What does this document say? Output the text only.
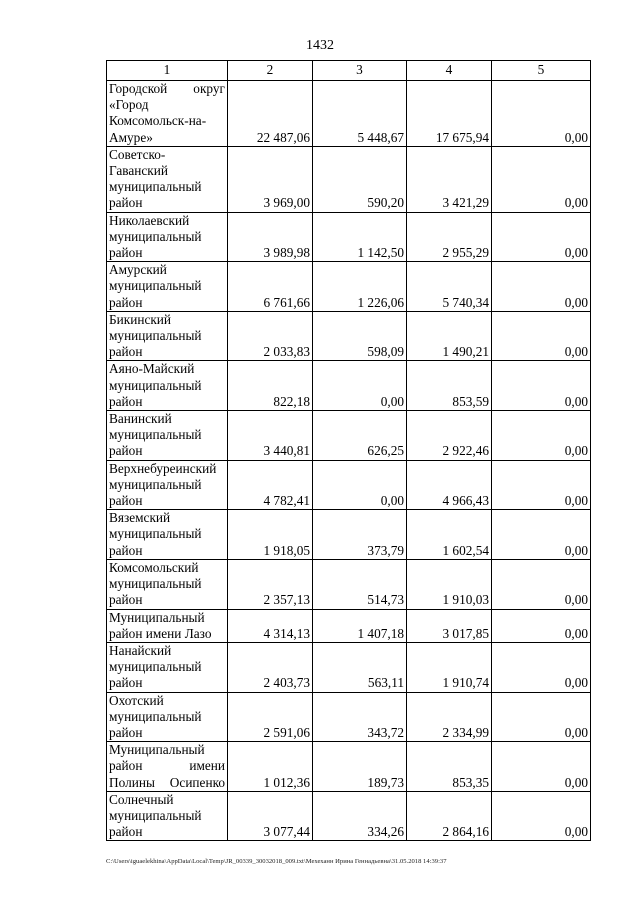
1432
1	2	3	4	5

Городской округ
«Город
Комсомольск-на-
Амуре»	22 487,06	5 448,67	17 675,94	0,00

Советско-
Гаванский
муниципальный
район	3 969,00	590,20	3 421,29	0,00

Николаевский
муниципальный
район	3 989,98	1 142,50	2 955,29	0,00

Амурский
муниципальный
район	6 761,66	1 226,06	5 740,34	0,00

Бикинский
муниципальный
район	2 033,83	598,09	1 490,21	0,00

Аяно-Майский
муниципальный
район	822,18	0,00	853,59	0,00

Ванинский
муниципальный
район	3 440,81	626,25	2 922,46	0,00

Верхнебуреинский
муниципальный
район	4 782,41	0,00	4 966,43	0,00

Вяземский
муниципальный
район	1 918,05	373,79	1 602,54	0,00

Комсомольский
муниципальный
район	2 357,13	514,73	1 910,03	0,00

Муниципальный
район имени Лазо	4 314,13	1 407,18	3 017,85	0,00

Нанайский
муниципальный
район	2 403,73	563,11	1 910,74	0,00

Охотский
муниципальный
район	2 591,06	343,72	2 334,99	0,00

Муниципальный
район имени
Полины Осипенко	1 012,36	189,73	853,35	0,00

Солнечный
муниципальный
район	3 077,44	334,26	2 864,16	0,00
C:\Users\iguaelekhina\AppData\Local\Temp\JR_00339_30032018_009.txt\Мехеханн Ирина Геннадьевна\31.05.2018 14:39:37
